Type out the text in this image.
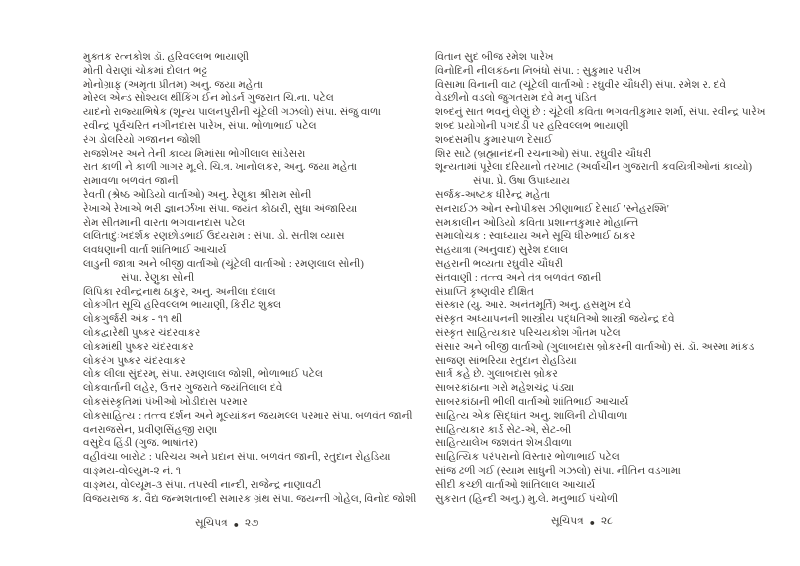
મુક્તક રત્નકોશ ડૉ. હરિવલ્લભ ભાયાણી
મોતી વેરાણાં ચોકમાં દોલત ભટ્ટ
મોનોગ્રાફ (અમૃતા પ્રીતમ) અનુ. જયા મહેતા
મોરલ એન્ડ સોશ્યલ થીંકિંગ ઈન મોડર્ન ગુજરાત ચિ.ના. પટેલ
યાદનો રાજ્યાભિષેક (શૂન્ય પાલનપુરીની ચૂંટેલી ગઝલો) સંપા. સંજુ વાળા
રવીન્દ્ર પૂર્વચરિત નગીનદાસ પારેખ, સંપા. ભોળાભાઈ પટેલ
રંગ ડોલરિયો ગજાનન જોશી
રાજશેખર અને તેની કાવ્ય મિમાંસા ભોગીલાલ સાંડેસરા
રાત કાળી ને કાળી ગાગર મૂ.લે. ચિ.ત્ર. ખાનોલકર, અનુ. જયા મહેતા
રામાવળા બળવંત જાની
રેવતી (શ્રેષ્ઠ ઓડિયો વાર્તાઓ) અનુ. રેણુકા શ્રીરામ સોની
રેખાએ રેખાએ ભરી જ્ઞાનર્ઝંખા સંપા. જયંત કોઠારી, સુધા અંજારિયા
રોમ સીતમાની વારતા ભગવાનદાસ પટેલ
લલિતાદુઃખદર્શક રણછોડભાઈ ઉદયરામ : સંપા. ડો. સતીશ વ્યાસ
લવધણાની વાર્તા શાંતિભાઈ આચાર્ય
લાડુની જાત્રા અને બીજી વાર્તાઓ (ચૂંટેલી વાર્તાઓ : રમણલાલ સોની)
સંપા. રેણુકા સોની
લિપિકા રવીન્દ્રનાથ ઠાકુર, અનુ. અનીલા દલાલ
લોકગીત સૂચિ હરિવલ્લભ ભાયાણી, કિરીટ શુક્લ
લોકગુર્જરી અંક - ૧૧ થી
લોકદ્વારેથી પુષ્કર ચંદરવાકર
લોકમાંથી પુષ્કર ચંદરવાકર
લોકરંગ પુષ્કર ચંદરવાકર
લોક લીલા સુંદરમ્, સંપા. રમણલાલ જોશી, ભોળાભાઈ પટેલ
લોકવાર્તાની લહેર, ઉત્તર ગુજરાતે જયંતિલાલ દવે
લોકસંસ્કૃતિમાં પંખીઓ ખોડીદાસ પરમાર
લોકસાહિત્ય : તત્ત્વ દર્શન અને મૂલ્યાંકન જયમલ્લ પરમાર સંપા. બળવંત જાની
વનરાજસેન, પ્રવીણસિંહજી રાણા
વસુદેવ હિંડી (ગુજ. ભાષાંતર)
વહીવંચા બારોટ : પરિચય અને પ્રદાન સંપા. બળવંત જાની, રતુદાન રોહડિયા
વાઙ્મય-વોલ્યુમ-૨ નં. ૧
વાઙ્મય, વોલ્યૂમ-૩ સંપા. તપસ્વી નાન્દી, રાજેન્દ્ર નાણાવટી
વિજયરાજ ક. વૈદ્ય જન્મશતાબ્દી સમારક ગ્રંથ સંપા. જયન્તી ગોહેલ, વિનોદ જોશી
વિતાન સુદ બીજ રમેશ પારેખ
વિનોદિની નીલકંઠના નિબંધો સંપા. : સુકુમાર પરીખ
વિસામા વિનાની વાટ (ચૂંટેલી વાર્તાઓ : રઘુવીર ચૌધરી) સંપા. રમેશ ર. દવે
વેડછીનો વડલો જુગતરામ દવે મનુ પંડિત
શબ્દનું સાત ભવનું લેણું છે : ચૂંટેલી કવિતા ભગવતીકુમાર શર્મા, સંપા. રવીન્દ્ર પારેખ
શબ્દ પ્રયોગોની પગદંડી પર હરિવલ્લભ ભાયાણી
શબ્દસમીપ કુમારપાળ દેસાઈ
શિર સાટે (બ્રહ્માનંદની રચનાઓ) સંપા. રઘુવીર ચૌધરી
શૂન્યતામાં પૂરેલા દરિયાનો તરખાટ (અર્વાચીન ગુજરાતી કવયિત્રીઓનાં કાવ્યો)
સંપા. પ્રે. ઉષા ઉપાધ્યાય
સર્જક-અષ્ટક ધીરેન્દ્ર મહેતા
સનરાઈઝ ઓન સ્નોપીક્સ ઝીણાભાઈ દેસાઈ 'સ્નેહરશ્મિ'
સમકાલીન ઓડિયો કવિતા પ્રશાન્તકુમાર મોહાન્તિ
સમાલોચક : સ્વાધ્યાય અને સૂચિ ધીરુભાઈ ઠાકર
સહયાત્રા (અનુવાદ) સુરેશ દલાલ
સહરાની ભવ્યતા રઘુવીર ચૌધરી
સંતવાણી : તત્ત્વ અને તંત્ર બળવંત જાની
સંપ્રાપ્તિ કૃષ્ણવીર દીક્ષિત
સંસ્કાર (યુ. આર. અનંતમૂર્તિ) અનુ. હસમુખ દવે
સંસ્કૃત અધ્યાપનની શાસ્ત્રીય પદ્ધતિઓ શાસ્ત્રી જયેન્દ્ર દવે
સંસ્કૃત સાહિત્યકાર પરિચયકોશ ગૌતમ પટેલ
સંસાર અને બીજી વાર્તાઓ (ગુલાબદાસ બ્રોકરની વાર્તાઓ) સં. ડૉ. અસ્મા માંકડ
સાજણ સાંભરિયા રતુદાન રોહડિયા
સાર્ત્ર કહે છે. ગુલાબદાસ બ્રોકર
સાબરકાંઠાના ગરો મહેશચંદ્ર પંડ્યા
સાબરકાંઠાની ભીલી વાર્તાઓ શાંતિભાઈ આચાર્ય
સાહિત્ય એક સિદ્ધાંત અનુ. શાલિની ટોપીવાળા
સાહિત્યકાર કાર્ડ સેટ-એ, સેટ-બી
સાહિત્યાલેખ જશવંત શેખડીવાળા
સાહિત્યિક પરંપરાનો વિસ્તાર ભોળાભાઈ પટેલ
સાંજ ઢળી ગઈ (સ્યામ સાધુની ગઝલો) સંપા. નીતિન વડગામા
સીદી કચ્છી વાર્તાઓ શાંતિલાલ આચાર્ય
સુકરાત (હિન્દી અનુ.) મુ.લે. મનુભાઈ પંચોળી
સૂચિપત્ર ● ૨૭	સૂચિપત્ર ● ૨૮
